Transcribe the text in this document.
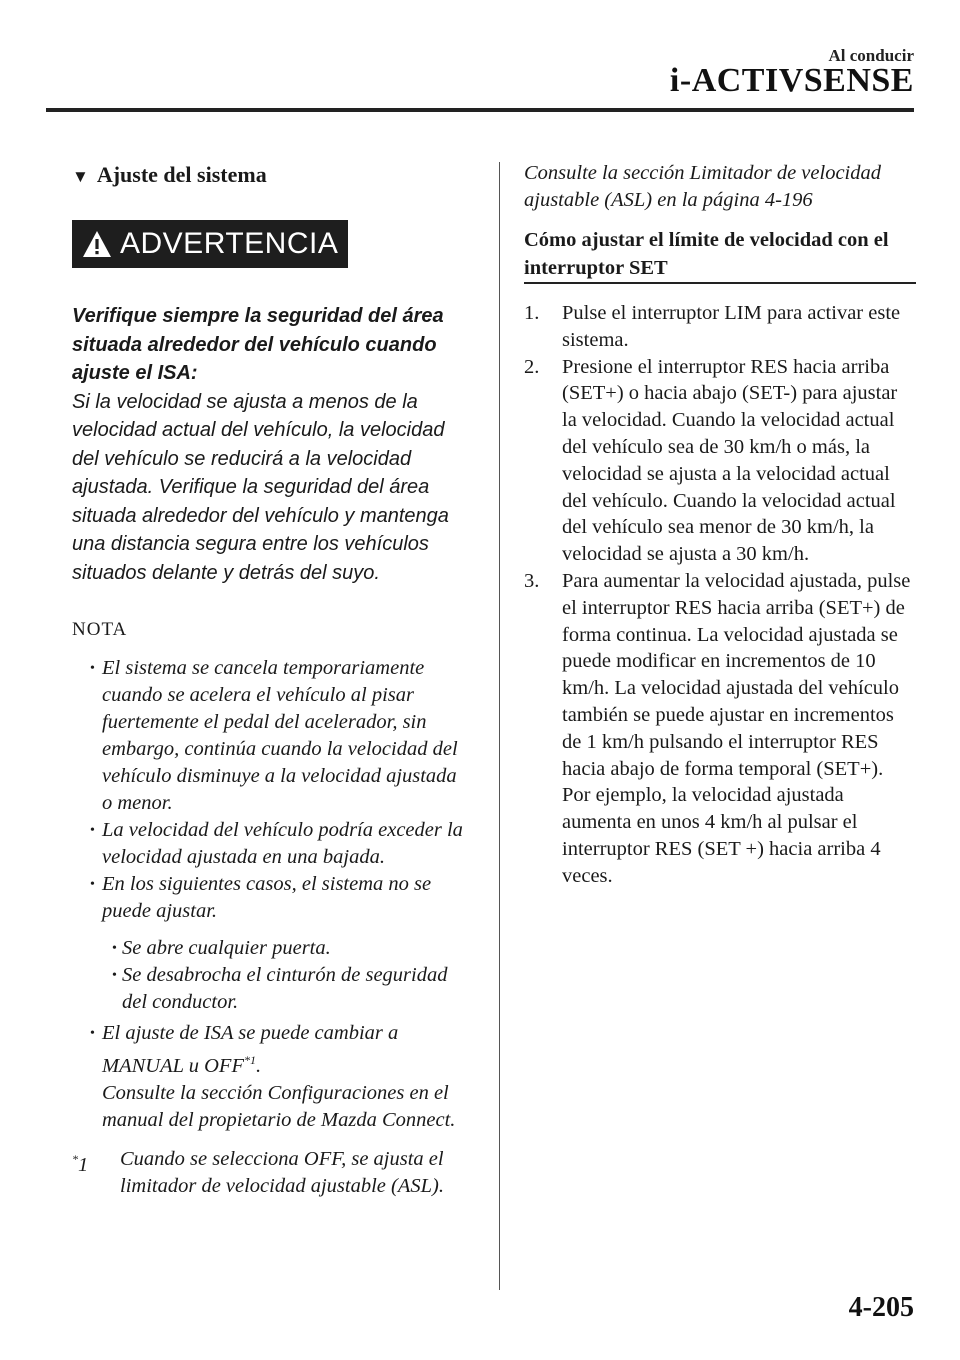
Al conducir
i-ACTIVSENSE
▼ Ajuste del sistema
ADVERTENCIA

Verifique siempre la seguridad del área situada alrededor del vehículo cuando ajuste el ISA:

Si la velocidad se ajusta a menos de la velocidad actual del vehículo, la velocidad del vehículo se reducirá a la velocidad ajustada. Verifique la seguridad del área situada alrededor del vehículo y mantenga una distancia segura entre los vehículos situados delante y detrás del suyo.

NOTA
• El sistema se cancela temporariamente cuando se acelera el vehículo al pisar fuertemente el pedal del acelerador, sin embargo, continúa cuando la velocidad del vehículo disminuye a la velocidad ajustada o menor.
• La velocidad del vehículo podría exceder la velocidad ajustada en una bajada.
• En los siguientes casos, el sistema no se puede ajustar.
• Se abre cualquier puerta.
• Se desabrocha el cinturón de seguridad del conductor.
• El ajuste de ISA se puede cambiar a MANUAL u OFF$^{*1}$.
Consulte la sección Configuraciones en el manual del propietario de Mazda Connect.
*1 Cuando se selecciona OFF, se ajusta el limitador de velocidad ajustable (ASL).

Consulte la sección Limitador de velocidad ajustable (ASL) en la página 4-196

Cómo ajustar el límite de velocidad con el interruptor SET
1. Pulse el interruptor LIM para activar este sistema.
2. Presione el interruptor RES hacia arriba (SET+) o hacia abajo (SET-) para ajustar la velocidad. Cuando la velocidad actual del vehículo sea de 30 km/h o más, la velocidad se ajusta a la velocidad actual del vehículo. Cuando la velocidad actual del vehículo sea menor de 30 km/h, la velocidad se ajusta a 30 km/h.
3. Para aumentar la velocidad ajustada, pulse el interruptor RES hacia arriba (SET+) de forma continua. La velocidad ajustada se puede modificar en incrementos de 10 km/h. La velocidad ajustada del vehículo también se puede ajustar en incrementos de 1 km/h pulsando el interruptor RES hacia abajo de forma temporal (SET+). Por ejemplo, la velocidad ajustada aumenta en unos 4 km/h al pulsar el interruptor RES (SET +) hacia arriba 4 veces.
4-205
